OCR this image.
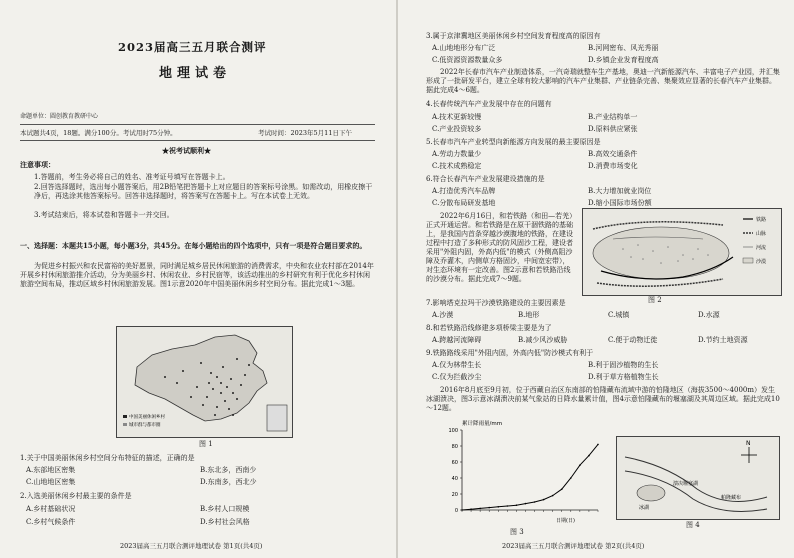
2023届高三五月联合测评
地理试卷
命题单位：圆创教育教研中心
本试题共4页，18题。满分100分。考试用时75分钟。	考试时间：2023年5月11日下午
★祝考试顺利★
注意事项：
1.答题前，考生务必将自己的姓名、准考证号填写在答题卡上。
2.回答选择题时，选出每小题答案后，用2B铅笔把答题卡上对应题目的答案标号涂黑。如需改动，用橡皮擦干净后，再选涂其他答案标号。回答非选择题时，将答案写在答题卡上。写在本试卷上无效。
3.考试结束后，将本试卷和答题卡一并交回。
一、选择题：本题共15小题，每小题3分，共45分。在每小题给出的四个选项中，只有一项是符合题目要求的。
为促进乡村振兴和农民富裕的美好愿景，同时满足城乡居民休闲旅游的消费需求，中央和农业农村部在2014年开展乡村休闲旅游推介活动，分为美丽乡村、休闲农业、乡村民宿等，该活动推出的乡村研究有利于优化乡村休闲旅游空间布局，推动区域乡村休闲旅游发展。图1示意2020年中国美丽休闲乡村空间分布。据此完成1～3题。
中国美丽休闲乡村
城市群与都市圈
图 1
1.关于中国美丽休闲乡村空间分布特征的描述，正确的是
A.东部地区密集	B.东北多，西南少
C.山地地区密集	D.东南多，西北少
2.入选美丽休闲乡村最主要的条件是
A.乡村基础状况	B.乡村人口规模
C.乡村气候条件	D.乡村社会风格
2023届高三五月联合测评地理试卷 第1页(共4页)
3.属于京津冀地区美丽休闲乡村空间发育程度高的原因有
A.山地地形分布广泛	B.河网密布、风光秀丽
C.低资源资源数量众多	D.乡镇企业发育程度高
2022年长春市汽车产业制造体系，一汽奇瑞就整车生产基地，奥迪一汽新能源汽车、丰富电子产业园，并汇集形成了一批研发平台，建立全球有较大影响的汽车产业集群、产业链条完善、集聚效应显著的长春汽车产业集群。据此完成4～6题。
4.长春传统汽车产业发展中存在的问题有
A.技术更新较慢	B.产业结构单一
C.产业投资较多	D.原料供应紧张
5.长春市汽车产业转型向新能源方向发展的最主要原因是
A.劳动力数量少	B.高效交通条件
C.技术成熟稳定	D.消费市场变化
6.符合长春汽车产业发展建设措施的是
A.打造优秀汽车品牌	B.大力增加就业岗位
C.分散布局研发基地	D.缩小国际市场份额
2022年6月16日，和若铁路（和田—若羌）正式开通运营。和若铁路是在原干涸铁路的基础上，是我国内首条穿越沙漠腹地的铁路，在建设过程中打造了多种形式的防风固沙工程，建设者采用"外阻内固，外高内低"的模式（外侧高阻沙障及乔灌木，内侧草方格固沙，中间宽宏带），对生态环境有一定改善。图2示意和若铁路沿线的沙漠分布。据此完成7～9题。
铁路
山脉
河流
沙漠
图 2
7.影响塔克拉玛干沙漠铁路建设的主要因素是
A.沙漠	B.地形	C.城镇	D.水源
8.和若铁路沿线修建多项桥梁主要是为了
A.跨越河流障碍	B.减少风沙威胁	C.便于动物迁徙	D.节约土地资源
9.铁路路线采用"外阻内固，外高内低"防沙模式有利于
A.仅为林带生长	B.利于固沙植物的生长
C.仅为拦截沙尘	D.利于草方格植物生长
2016年8月底至9月初，位于西藏自治区东南部的怕隆藏布流域中游的怕隆地区（海拔3500～4000m）发生冰湖溃决，图3示意冰湖溃决前某气象站的日降水量累计值，图4示意怕隆藏布的堰塞湖及其周边区域。据此完成10～12题。
累计降雨量/mm
日期(日)
0
20
40
60
80
100
图 3
N
冰湖
溃决堰塞湖
帕隆藏布
图 4
2023届高三五月联合测评地理试卷 第2页(共4页)
